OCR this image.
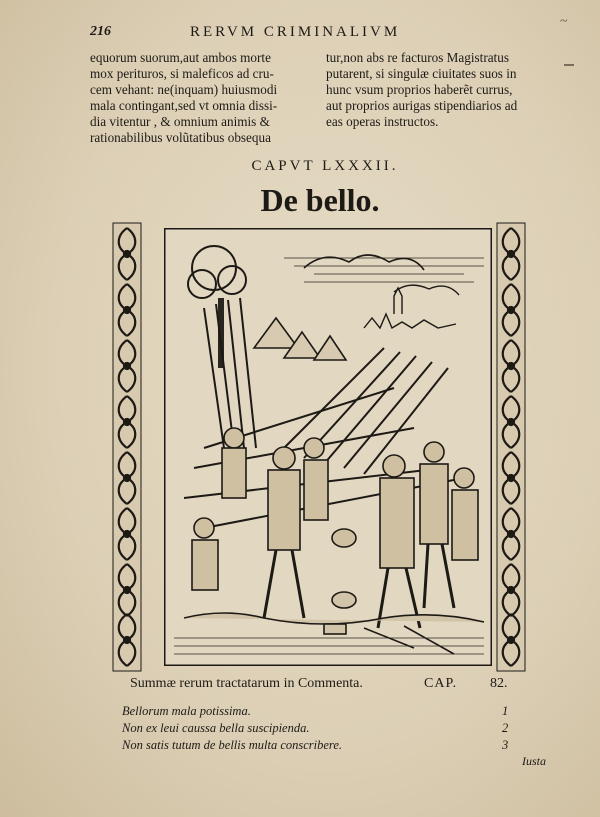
~
216	RERVM CRIMINALIVM
equorum suorum,aut ambos morte
mox perituros, si maleficos ad cru-
cem vehant: ne(inquam) huiusmodi
mala contingant,sed vt omnia dissi-
dia vitentur , & omnium animis &
rationabilibus volũtatibus obsequa
tur,non abs re facturos Magistratus
putarent, si singulæ ciuitates suos in
hunc vsum proprios haberẽt currus,
aut proprios aurigas stipendiarios ad
eas operas instructos.
CAPVT LXXXII.
De bello.
Summæ rerum tractatarum in Commenta.	CAP. 82.
Bellorum mala potissima.	1
Non ex leui caussa bella suscipienda.	2
Non satis tutum de bellis multa conscribere.	3
Iusta
